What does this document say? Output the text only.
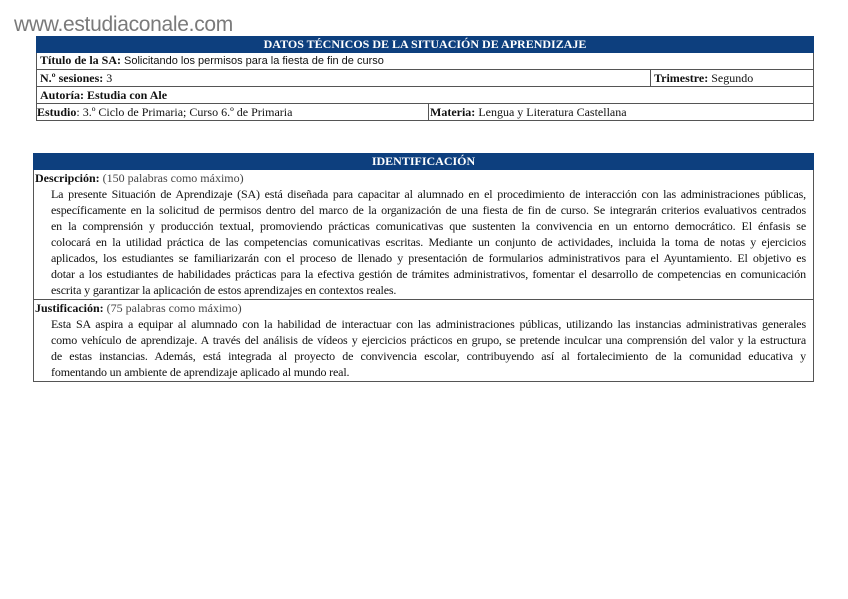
www.estudiaconale.com
DATOS TÉCNICOS DE LA SITUACIÓN DE APRENDIZAJE		
Título de la SA: Solicitando los permisos para la fiesta de fin de curso		
N.º sesiones: 3		Trimestre: Segundo
Autoría: Estudia con Ale		
Estudio: 3.º Ciclo de Primaria; Curso 6.º de Primaria	Materia: Lengua y Literatura Castellana	
IDENTIFICACIÓN

Descripción: (150 palabras como máximo)
La presente Situación de Aprendizaje (SA) está diseñada para capacitar al alumnado en el procedimiento de interacción con las administraciones públicas,
específicamente en la solicitud de permisos dentro del marco de la organización de una fiesta de fin de curso. Se integrarán criterios evaluativos centrados
en la comprensión y producción textual, promoviendo prácticas comunicativas que sustenten la convivencia en un entorno democrático. El énfasis se
colocará en la utilidad práctica de las competencias comunicativas escritas. Mediante un conjunto de actividades, incluida la toma de notas y ejercicios
aplicados, los estudiantes se familiarizarán con el proceso de llenado y presentación de formularios administrativos para el Ayuntamiento. El objetivo es
dotar a los estudiantes de habilidades prácticas para la efectiva gestión de trámites administrativos, fomentar el desarrollo de competencias en comunicación
escrita y garantizar la aplicación de estos aprendizajes en contextos reales.

Justificación: (75 palabras como máximo)
Esta SA aspira a equipar al alumnado con la habilidad de interactuar con las administraciones públicas, utilizando las instancias administrativas generales
como vehículo de aprendizaje. A través del análisis de vídeos y ejercicios prácticos en grupo, se pretende inculcar una comprensión del valor y la estructura
de estas instancias. Además, está integrada al proyecto de convivencia escolar, contribuyendo así al fortalecimiento de la comunidad educativa y
fomentando un ambiente de aprendizaje aplicado al mundo real.
